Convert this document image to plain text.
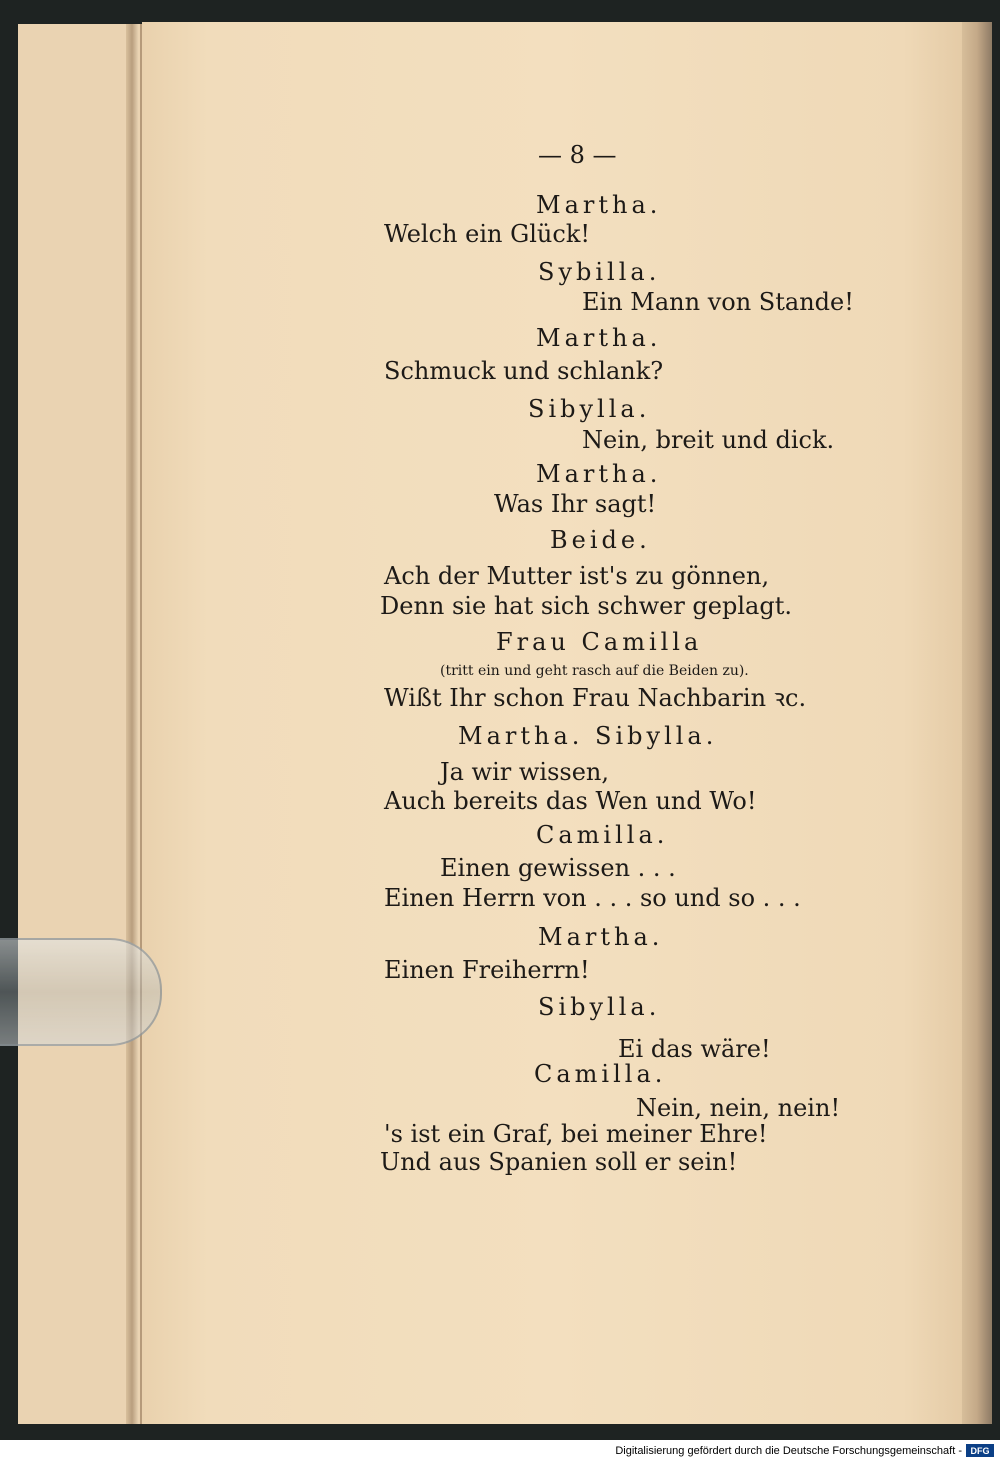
— 8 —
Martha.
Welch ein Glück!
Sybilla.
Ein Mann von Stande!
Martha.
Schmuck und schlank?
Sibylla.
Nein, breit und dick.
Martha.
Was Ihr sagt!
Beide.
Ach der Mutter ist's zu gönnen,
Denn sie hat sich schwer geplagt.
Frau Camilla
(tritt ein und geht rasch auf die Beiden zu).
Wißt Ihr schon Frau Nachbarin ꝛc.
Martha. Sibylla.
Ja wir wissen,
Auch bereits das Wen und Wo!
Camilla.
Einen gewissen . . .
Einen Herrn von . . . so und so . . .
Martha.
Einen Freiherrn!
Sibylla.
Ei das wäre!
Camilla.
Nein, nein, nein!
's ist ein Graf, bei meiner Ehre!
Und aus Spanien soll er sein!
Digitalisierung gefördert durch die Deutsche Forschungsgemeinschaft - DFG
